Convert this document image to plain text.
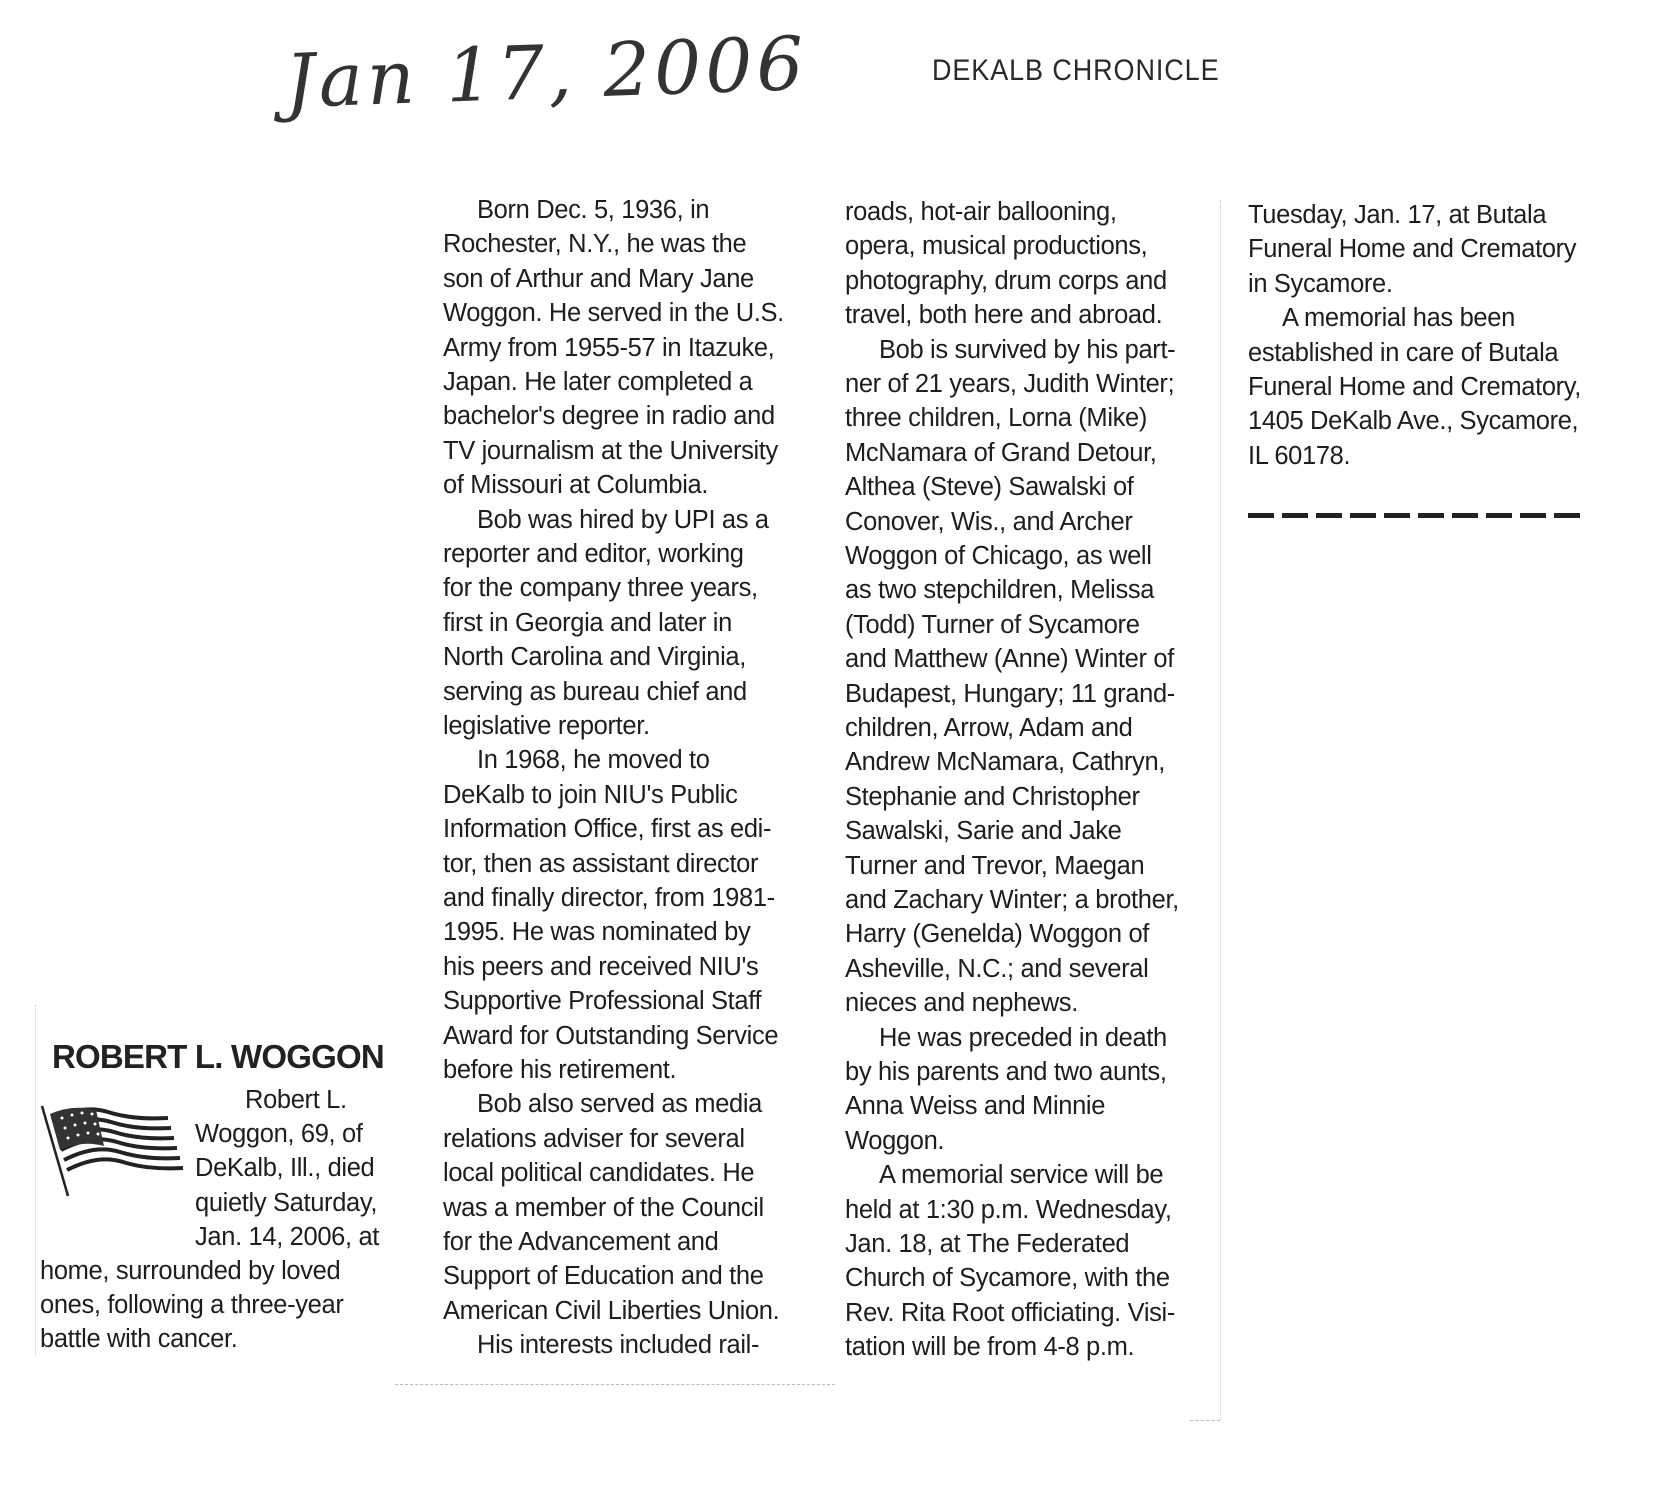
Jan 17, 2006	DEKALB CHRONICLE
ROBERT L. WOGGON
Robert L.
Woggon, 69, of
DeKalb, Ill., died
quietly Saturday,
Jan. 14, 2006, at
home, surrounded by loved
ones, following a three-year
battle with cancer.
Born Dec. 5, 1936, in
Rochester, N.Y., he was the
son of Arthur and Mary Jane
Woggon. He served in the U.S.
Army from 1955-57 in Itazuke,
Japan. He later completed a
bachelor's degree in radio and
TV journalism at the University
of Missouri at Columbia.
Bob was hired by UPI as a
reporter and editor, working
for the company three years,
first in Georgia and later in
North Carolina and Virginia,
serving as bureau chief and
legislative reporter.
In 1968, he moved to
DeKalb to join NIU's Public
Information Office, first as edi-
tor, then as assistant director
and finally director, from 1981-
1995. He was nominated by
his peers and received NIU's
Supportive Professional Staff
Award for Outstanding Service
before his retirement.
Bob also served as media
relations adviser for several
local political candidates. He
was a member of the Council
for the Advancement and
Support of Education and the
American Civil Liberties Union.
His interests included rail-
roads, hot-air ballooning,
opera, musical productions,
photography, drum corps and
travel, both here and abroad.
Bob is survived by his part-
ner of 21 years, Judith Winter;
three children, Lorna (Mike)
McNamara of Grand Detour,
Althea (Steve) Sawalski of
Conover, Wis., and Archer
Woggon of Chicago, as well
as two stepchildren, Melissa
(Todd) Turner of Sycamore
and Matthew (Anne) Winter of
Budapest, Hungary; 11 grand-
children, Arrow, Adam and
Andrew McNamara, Cathryn,
Stephanie and Christopher
Sawalski, Sarie and Jake
Turner and Trevor, Maegan
and Zachary Winter; a brother,
Harry (Genelda) Woggon of
Asheville, N.C.; and several
nieces and nephews.
He was preceded in death
by his parents and two aunts,
Anna Weiss and Minnie
Woggon.
A memorial service will be
held at 1:30 p.m. Wednesday,
Jan. 18, at The Federated
Church of Sycamore, with the
Rev. Rita Root officiating. Visi-
tation will be from 4-8 p.m.
Tuesday, Jan. 17, at Butala
Funeral Home and Crematory
in Sycamore.
A memorial has been
established in care of Butala
Funeral Home and Crematory,
1405 DeKalb Ave., Sycamore,
IL 60178.
